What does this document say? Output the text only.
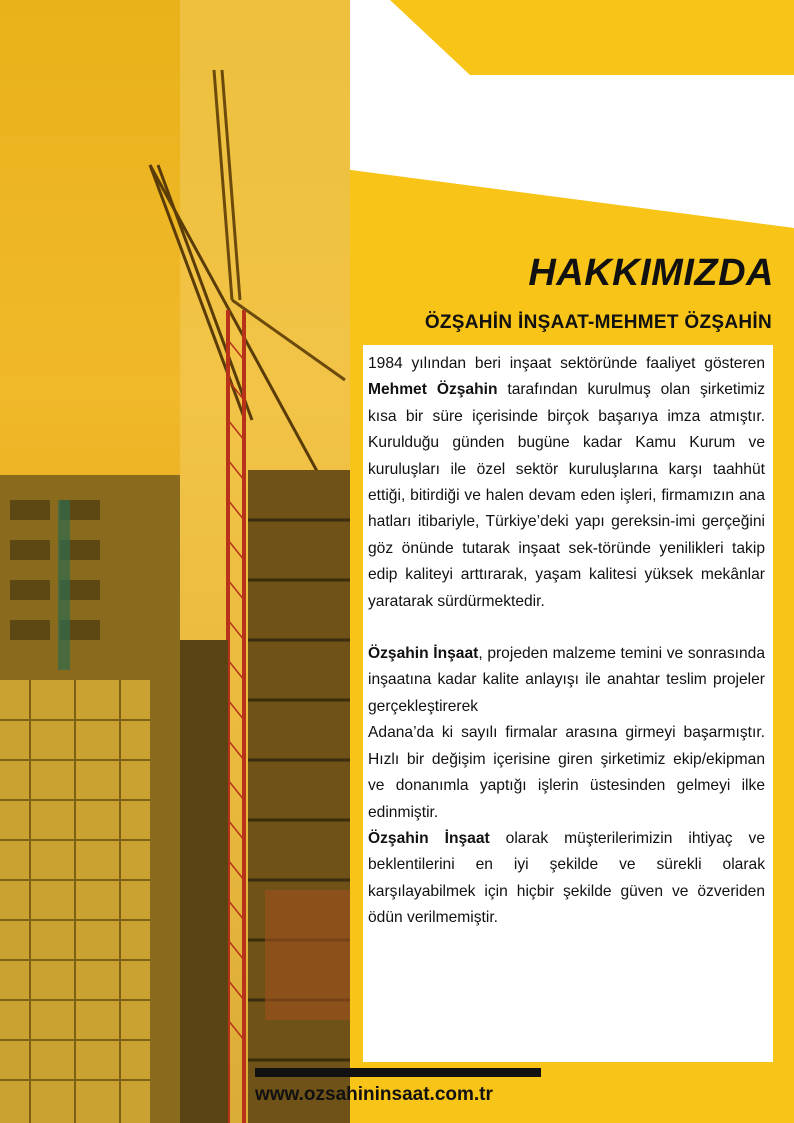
HAKKIMIZDA
ÖZŞAHİN İNŞAAT-MEHMET ÖZŞAHİN

1984 yılından beri inşaat sektöründe faaliyet gösteren Mehmet Özşahin tarafından kurulmuş olan şirketimiz kısa bir süre içerisinde birçok başarıya imza atmıştır. Kurulduğu günden bugüne kadar Kamu Kurum ve kuruluşları ile özel sektör kuruluşlarına karşı taahhüt ettiği, bitirdiği ve halen devam eden işleri, firmamızın ana hatları itibariyle, Türkiye’deki yapı gereksin-imi gerçeğini göz önünde tutarak inşaat sek-töründe yenilikleri takip edip kaliteyi arttırarak, yaşam kalitesi yüksek mekânlar yaratarak sürdürmektedir.

Özşahin İnşaat, projeden malzeme temini ve sonrasında inşaatına kadar kalite anlayışı ile anahtar teslim projeler gerçekleştirerek

Adana’da ki sayılı firmalar arasına girmeyi başarmıştır. Hızlı bir değişim içerisine giren şirketimiz ekip/ekipman ve donanımla yaptığı işlerin üstesinden gelmeyi ilke edinmiştir.

Özşahin İnşaat olarak müşterilerimizin ihtiyaç ve beklentilerini en iyi şekilde ve sürekli olarak karşılayabilmek için hiçbir şekilde güven ve özveriden ödün verilmemiştir.

www.ozsahininsaat.com.tr
